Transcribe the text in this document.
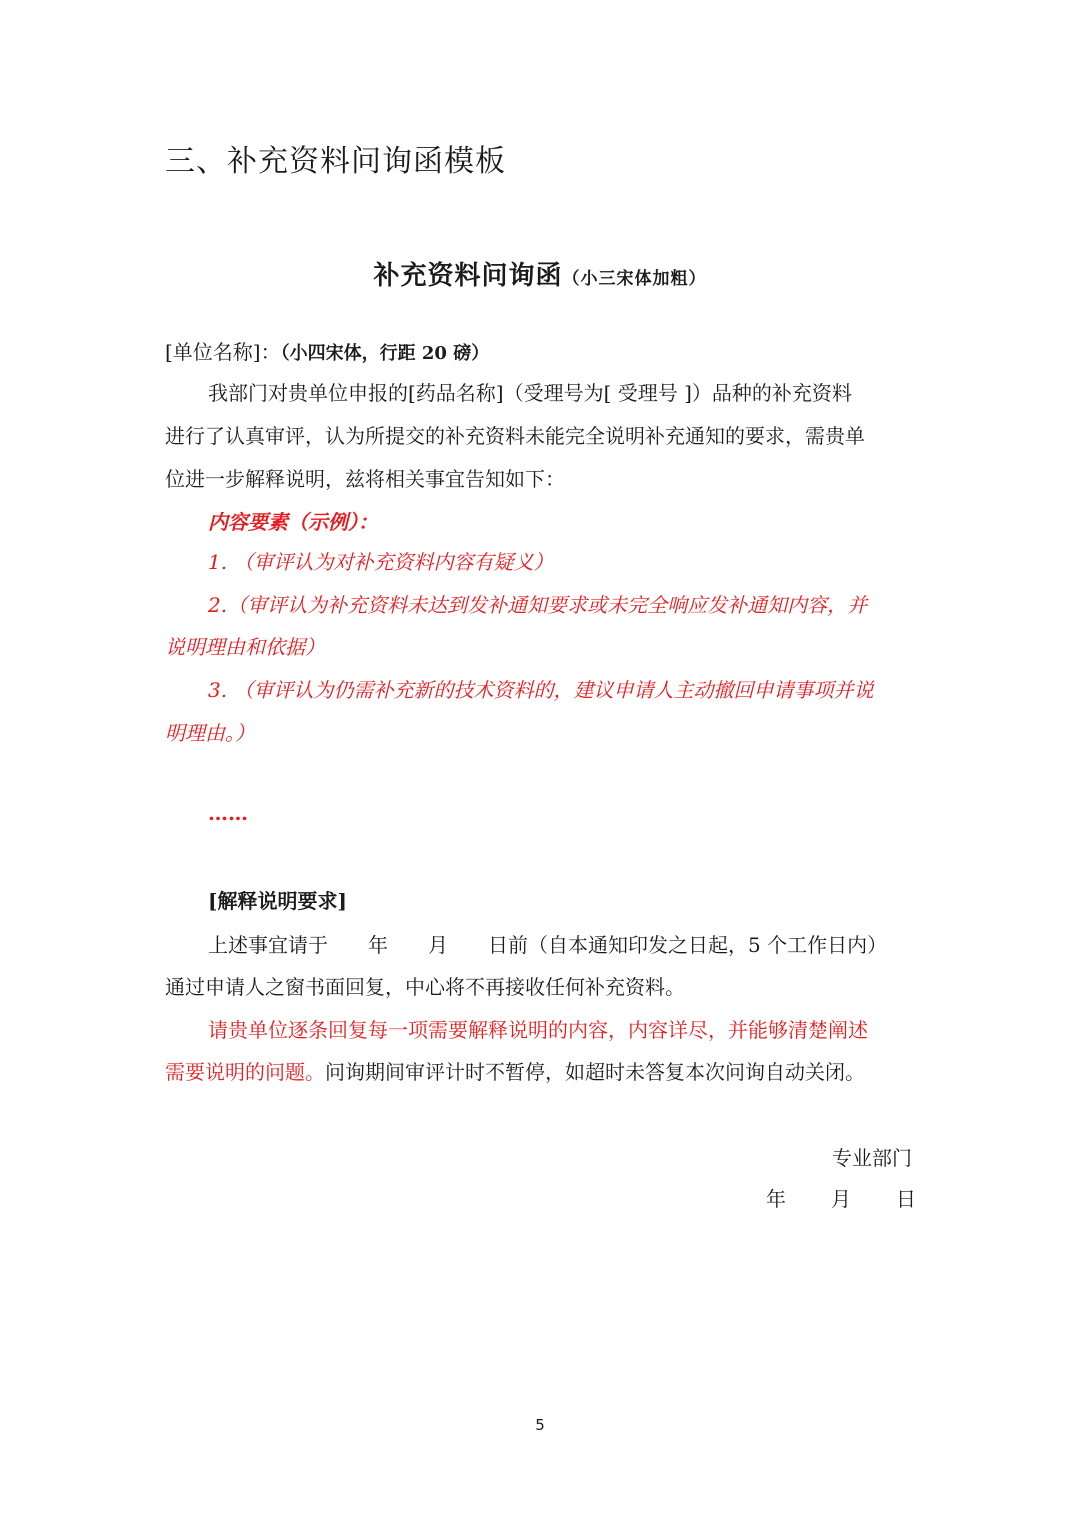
三、补充资料问询函模板
补充资料问询函（小三宋体加粗）
[单位名称]：（小四宋体，行距 20 磅）
我部门对贵单位申报的[药品名称]（受理号为[ 受理号 ]）品种的补充资料
进行了认真审评，认为所提交的补充资料未能完全说明补充通知的要求，需贵单
位进一步解释说明，兹将相关事宜告知如下：
内容要素（示例）：
1. （审评认为对补充资料内容有疑义）
2.（审评认为补充资料未达到发补通知要求或未完全响应发补通知内容，并
说明理由和依据）
3. （审评认为仍需补充新的技术资料的，建议申请人主动撤回申请事项并说
明理由。）
……
[解释说明要求]
上述事宜请于　　年　　月　　日前（自本通知印发之日起，5 个工作日内）
通过申请人之窗书面回复，中心将不再接收任何补充资料。
请贵单位逐条回复每一项需要解释说明的内容，内容详尽，并能够清楚阐述
需要说明的问题。问询期间审评计时不暂停，如超时未答复本次问询自动关闭。
专业部门
年 月 日
5
